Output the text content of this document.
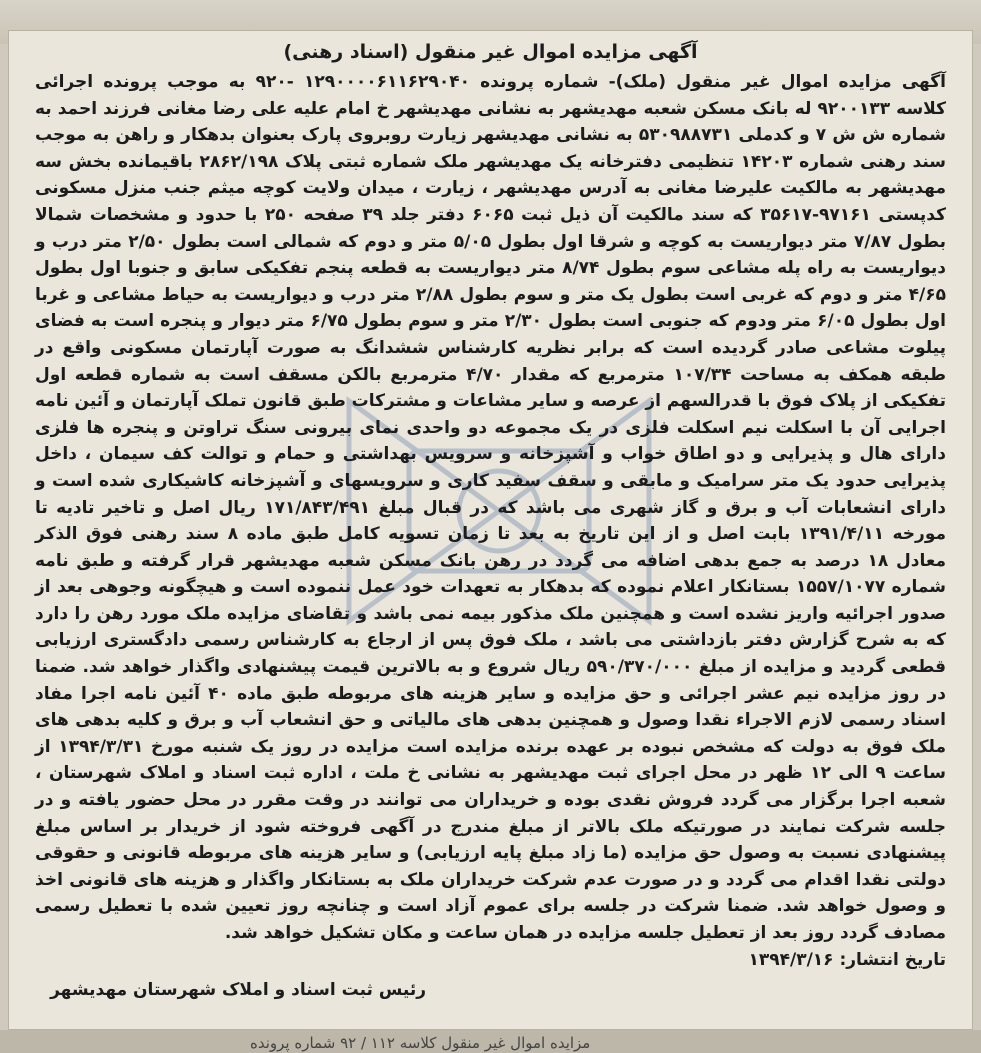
آگهی مزایده اموال غیر منقول (اسناد رهنی)

آگهی مزایده اموال غیر منقول (ملک)- شماره پرونده ۱۲۹۰۰۰۰۶۱۱۶۲۹۰۴۰ -۹۲۰ به موجب پرونده اجرائی کلاسه ۹۲۰۰۱۳۳ له بانک مسکن شعبه مهدیشهر به نشانی مهدیشهر خ امام علیه علی رضا مغانی فرزند احمد به شماره ش ش ۷ و کدملی ۵۳۰۹۸۸۷۳۱ به نشانی مهدیشهر زیارت روبروی پارک بعنوان بدهکار و راهن به موجب سند رهنی شماره ۱۴۲۰۳ تنظیمی دفترخانه یک مهدیشهر ملک شماره ثبتی پلاک ۲۸۶۲/۱۹۸ باقیمانده بخش سه مهدیشهر به مالکیت علیرضا مغانی به آدرس مهدیشهر ، زیارت ، میدان ولایت کوچه میثم جنب منزل مسکونی کدپستی ۹۷۱۶۱-۳۵۶۱۷ که سند مالکیت آن ذیل ثبت ۶۰۶۵ دفتر جلد ۳۹ صفحه ۲۵۰ با حدود و مشخصات شمالا بطول ۷/۸۷ متر دیواریست به کوچه و شرقا اول بطول ۵/۰۵ متر و دوم که شمالی است بطول ۲/۵۰ متر درب و دیواریست به راه پله مشاعی سوم بطول ۸/۷۴ متر دیواریست به قطعه پنجم تفکیکی سابق و جنوبا اول بطول ۴/۶۵ متر و دوم که غربی است بطول یک متر و سوم بطول ۲/۸۸ متر درب و دیواریست به حیاط مشاعی و غربا اول بطول ۶/۰۵ متر ودوم که جنوبی است بطول ۲/۳۰ متر و سوم بطول ۶/۷۵ متر دیوار و پنجره است به فضای پیلوت مشاعی صادر گردیده است که برابر نظریه کارشناس ششدانگ به صورت آپارتمان مسکونی واقع در طبقه همکف به مساحت ۱۰۷/۳۴ مترمربع که مقدار ۴/۷۰ مترمربع بالکن مسقف است به شماره قطعه اول تفکیکی از پلاک فوق با قدرالسهم از عرصه و سایر مشاعات و مشترکات طبق قانون تملک آپارتمان و آئین نامه اجرایی آن با اسکلت نیم اسکلت فلزی در یک مجموعه دو واحدی نمای بیرونی سنگ تراوتن و پنجره ها فلزی دارای هال و پذیرایی و دو اطاق خواب و آشپزخانه و سرویس بهداشتی و حمام و توالت کف سیمان ، داخل پذیرایی حدود یک متر سرامیک و مابقی و سقف سفید کاری و سرویسهای و آشپزخانه کاشیکاری شده است و دارای انشعابات آب و برق و گاز شهری می باشد که در قبال مبلغ ۱۷۱/۸۴۳/۴۹۱ ریال اصل و تاخیر تادیه تا مورخه ۱۳۹۱/۴/۱۱ بابت اصل و از این تاریخ به بعد تا زمان تسویه کامل طبق ماده ۸ سند رهنی فوق الذکر معادل ۱۸ درصد به جمع بدهی اضافه می گردد در رهن بانک مسکن شعبه مهدیشهر قرار گرفته و طبق نامه شماره ۱۵۵۷/۱۰۷۷ بستانکار اعلام نموده که بدهکار به تعهدات خود عمل ننموده است و هیچگونه وجوهی بعد از صدور اجرائیه واریز نشده است و همچنین ملک مذکور بیمه نمی باشد و تقاضای مزایده ملک مورد رهن را دارد که به شرح گزارش دفتر بازداشتی می باشد ، ملک فوق پس از ارجاع به کارشناس رسمی دادگستری ارزیابی قطعی گردید و مزایده از مبلغ ۵۹۰/۳۷۰/۰۰۰ ریال شروع و به بالاترین قیمت پیشنهادی واگذار خواهد شد. ضمنا در روز مزایده نیم عشر اجرائی و حق مزایده و سایر هزینه های مربوطه طبق ماده ۴۰ آئین نامه اجرا مفاد اسناد رسمی لازم الاجراء نقدا وصول و همچنین بدهی های مالیاتی و حق انشعاب آب و برق و کلیه بدهی های ملک فوق به دولت که مشخص نبوده بر عهده برنده مزایده است مزایده در روز یک شنبه مورخ ۱۳۹۴/۳/۳۱ از ساعت ۹ الی ۱۲ ظهر در محل اجرای ثبت مهدیشهر به نشانی خ ملت ، اداره ثبت اسناد و املاک شهرستان ، شعبه اجرا برگزار می گردد فروش نقدی بوده و خریداران می توانند در وقت مقرر در محل حضور یافته و در جلسه شرکت نمایند در صورتیکه ملک بالاتر از مبلغ مندرج در آگهی فروخته شود از خریدار بر اساس مبلغ پیشنهادی نسبت به وصول حق مزایده (ما زاد مبلغ پایه ارزیابی) و سایر هزینه های مربوطه قانونی و حقوقی دولتی نقدا اقدام می گردد و در صورت عدم شرکت خریداران ملک به بستانکار واگذار و هزینه های قانونی اخذ و وصول خواهد شد. ضمنا شرکت در جلسه برای عموم آزاد است و چنانچه روز تعیین شده با تعطیل رسمی مصادف گردد روز بعد از تعطیل جلسه مزایده در همان ساعت و مکان تشکیل خواهد شد.

تاریخ انتشار: ۱۳۹۴/۳/۱۶

رئیس ثبت اسناد و املاک شهرستان مهدیشهر
مزایده اموال غیر منقول کلاسه ۱۱۲ / ۹۲ شماره پرونده
